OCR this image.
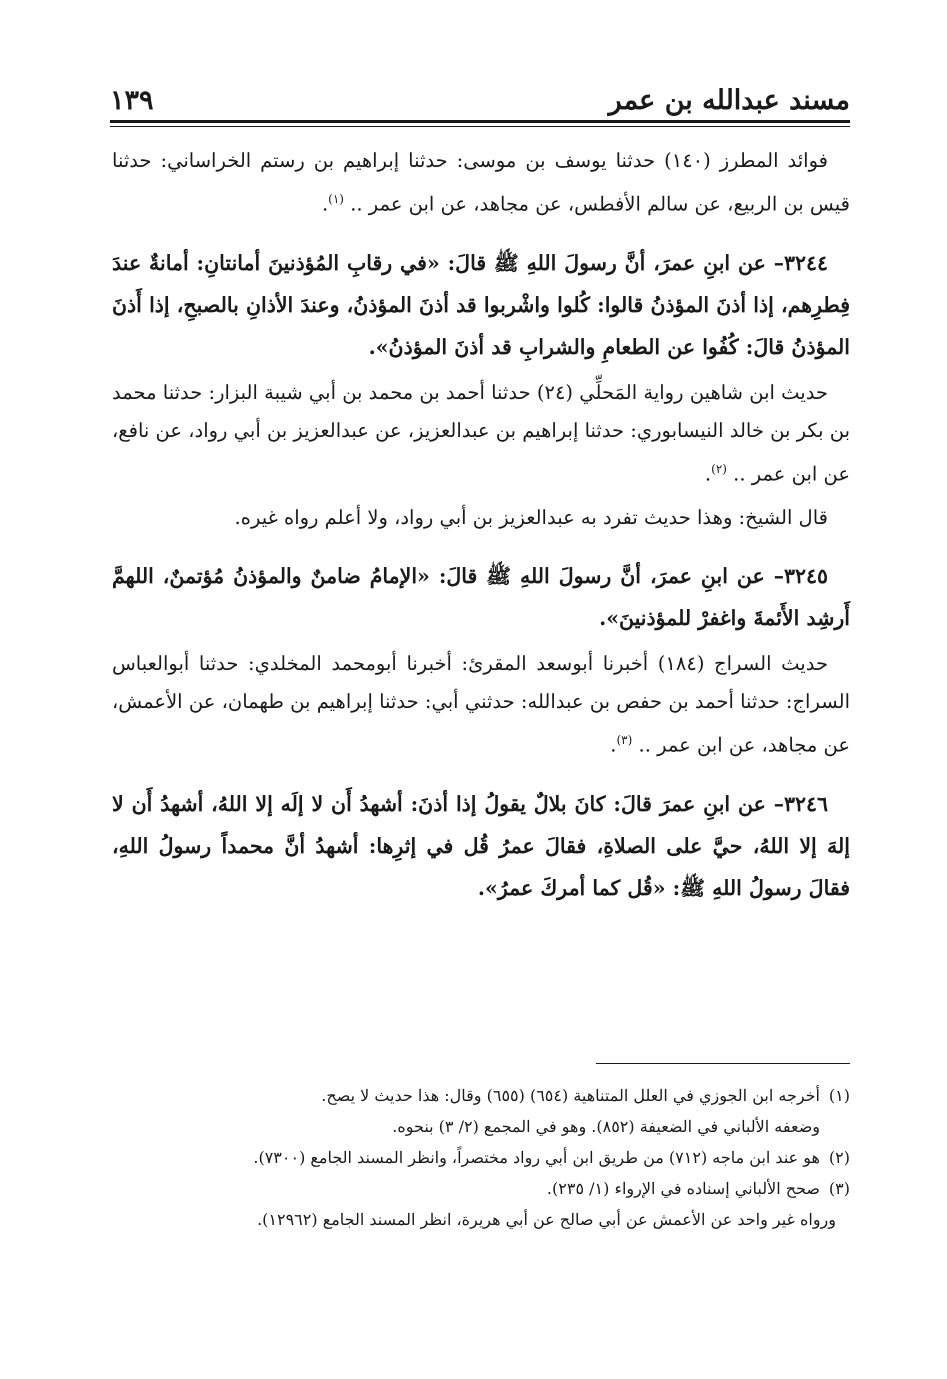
مسند عبدالله بن عمر
١٣٩

فوائد المطرز (١٤٠) حدثنا يوسف بن موسى: حدثنا إبراهيم بن رستم الخراساني: حدثنا قيس بن الربيع، عن سالم الأفطس، عن مجاهد، عن ابن عمر .. $^{(١)}$.

٣٢٤٤– عن ابنِ عمرَ، أنَّ رسولَ اللهِ ﷺ قالَ: «في رقابِ المُؤذنينَ أمانتانِ: أمانةٌ عندَ فِطرِهم، إذا أذنَ المؤذنُ قالوا: كُلوا واشْربوا قد أذنَ المؤذنُ، وعندَ الأذانِ بالصبحِ، إذا أَذنَ المؤذنُ قالَ: كُفُوا عن الطعامِ والشرابِ قد أذنَ المؤذنُ».

حديث ابن شاهين رواية المَحلِّي (٢٤) حدثنا أحمد بن محمد بن أبي شيبة البزار: حدثنا محمد بن بكر بن خالد النيسابوري: حدثنا إبراهيم بن عبدالعزيز، عن عبدالعزيز بن أبي رواد، عن نافع، عن ابن عمر .. $^{(٢)}$.

قال الشيخ: وهذا حديث تفرد به عبدالعزيز بن أبي رواد، ولا أعلم رواه غيره.

٣٢٤٥– عن ابنِ عمرَ، أنَّ رسولَ اللهِ ﷺ قالَ: «الإمامُ ضامنٌ والمؤذنُ مُؤتمنٌ، اللهمَّ أَرشِد الأَئمةَ واغفرْ للمؤذنينَ».

حديث السراج (١٨٤) أخبرنا أبوسعد المقرئ: أخبرنا أبومحمد المخلدي: حدثنا أبوالعباس السراج: حدثنا أحمد بن حفص بن عبدالله: حدثني أبي: حدثنا إبراهيم بن طهمان، عن الأعمش، عن مجاهد، عن ابن عمر .. $^{(٣)}$.

٣٢٤٦– عن ابنِ عمرَ قالَ: كانَ بلالٌ يقولُ إذا أذنَ: أشهدُ أَن لا إلَه إلا اللهُ، أشهدُ أَن لا إلهَ إلا اللهُ، حيَّ على الصلاةِ، فقالَ عمرُ قُل في إثرِها: أشهدُ أنَّ محمداً رسولُ اللهِ، فقالَ رسولُ اللهِ ﷺ: «قُل كما أمركَ عمرُ».

(١)أخرجه ابن الجوزي في العلل المتناهية (٦٥٤) (٦٥٥) وقال: هذا حديث لا يصح.

وضعفه الألباني في الضعيفة (٨٥٢). وهو في المجمع (٢/ ٣) بنحوه.

(٢)هو عند ابن ماجه (٧١٢) من طريق ابن أبي رواد مختصراً، وانظر المسند الجامع (٧٣٠٠).

(٣)صحح الألباني إسناده في الإرواء (١/ ٢٣٥).

ورواه غير واحد عن الأعمش عن أبي صالح عن أبي هريرة، انظر المسند الجامع (١٢٩٦٢).
